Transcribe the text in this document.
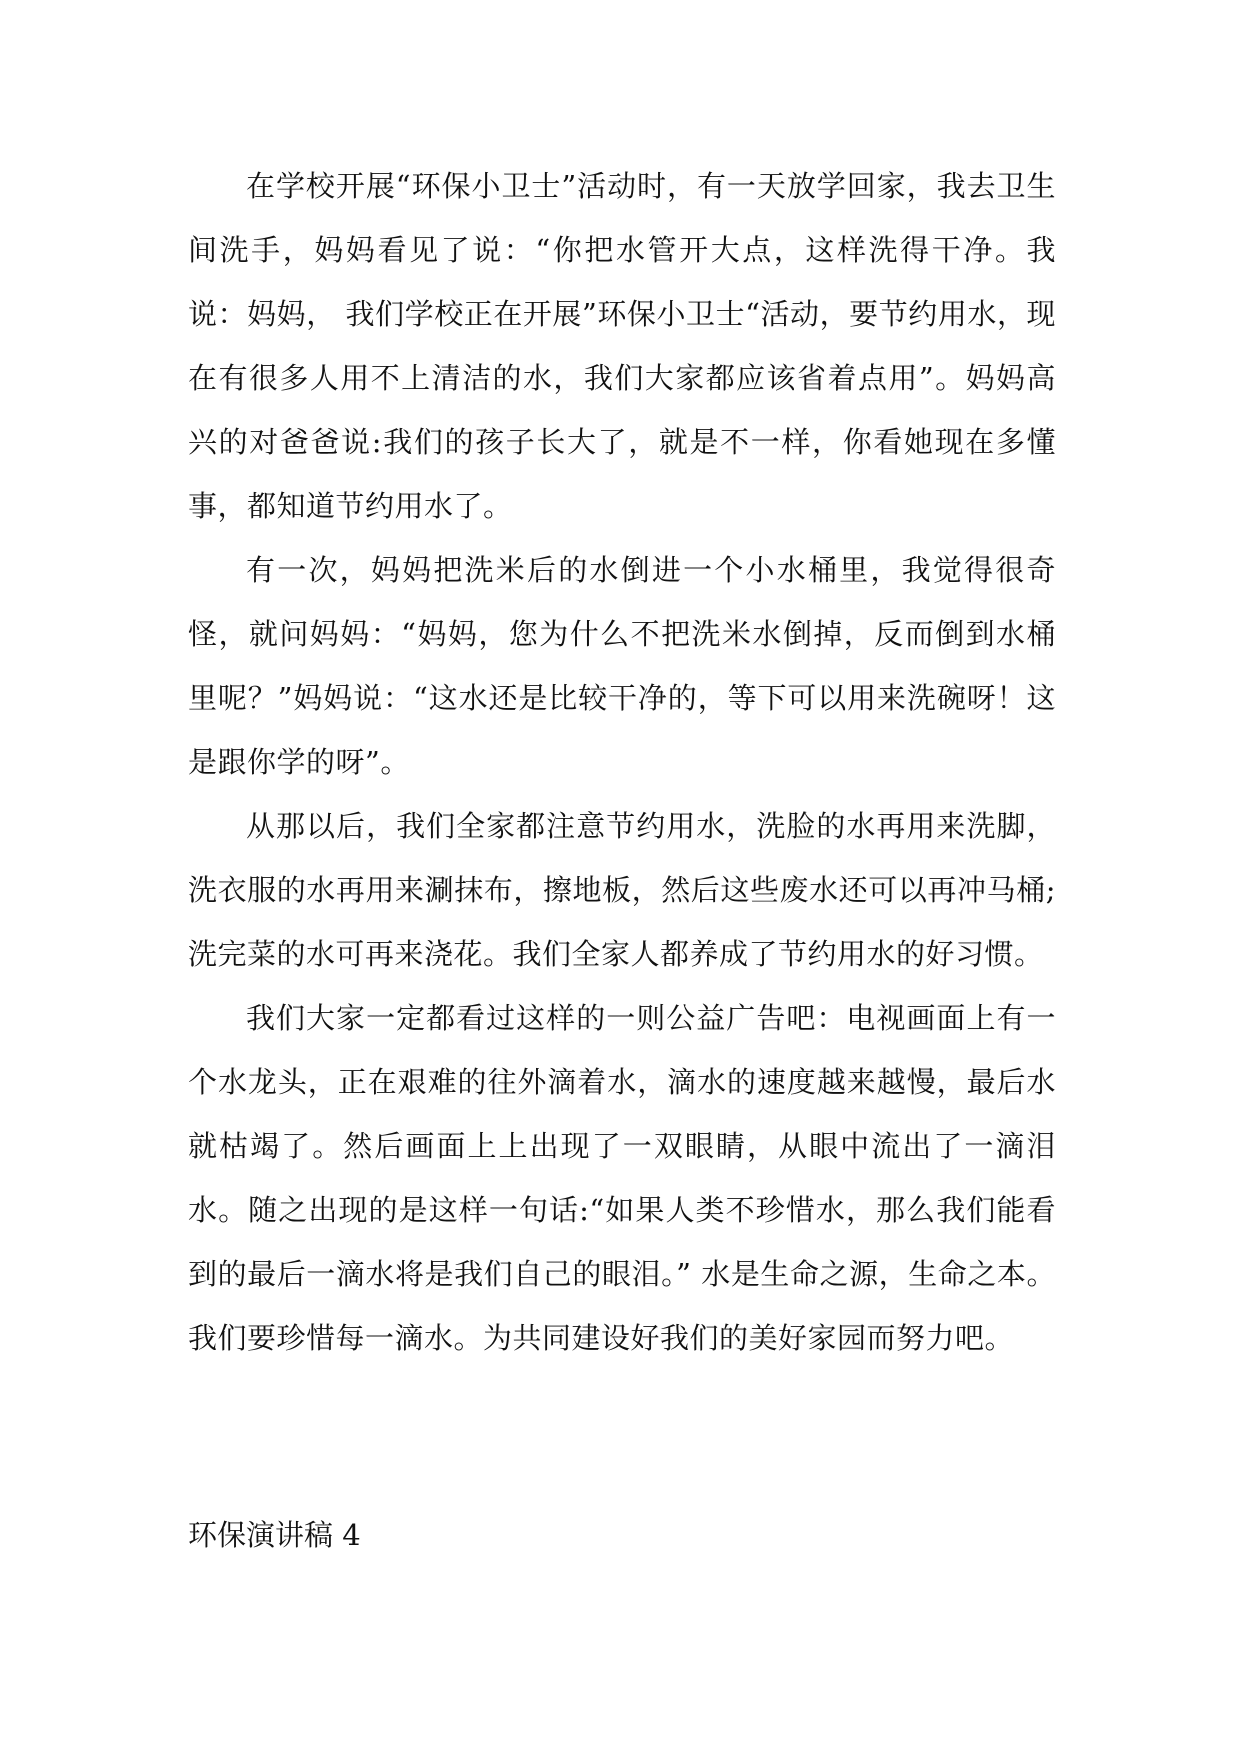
在学校开展“环保小卫士”活动时，有一天放学回家，我去卫生间洗手，妈妈看见了说：“你把水管开大点，这样洗得干净。我说：妈妈， 我们学校正在开展”环保小卫士“活动，要节约用水，现在有很多人用不上清洁的水，我们大家都应该省着点用”。妈妈高兴的对爸爸说:我们的孩子长大了，就是不一样，你看她现在多懂事，都知道节约用水了。

有一次，妈妈把洗米后的水倒进一个小水桶里，我觉得很奇怪，就问妈妈：“妈妈，您为什么不把洗米水倒掉，反而倒到水桶里呢？”妈妈说：“这水还是比较干净的，等下可以用来洗碗呀！这是跟你学的呀”。

从那以后，我们全家都注意节约用水，洗脸的水再用来洗脚，洗衣服的水再用来涮抹布，擦地板，然后这些废水还可以再冲马桶;洗完菜的水可再来浇花。我们全家人都养成了节约用水的好习惯。

我们大家一定都看过这样的一则公益广告吧：电视画面上有一个水龙头，正在艰难的往外滴着水，滴水的速度越来越慢，最后水就枯竭了。然后画面上上出现了一双眼睛，从眼中流出了一滴泪水。随之出现的是这样一句话:“如果人类不珍惜水，那么我们能看到的最后一滴水将是我们自己的眼泪。” 水是生命之源，生命之本。我们要珍惜每一滴水。为共同建设好我们的美好家园而努力吧。

环保演讲稿 4
